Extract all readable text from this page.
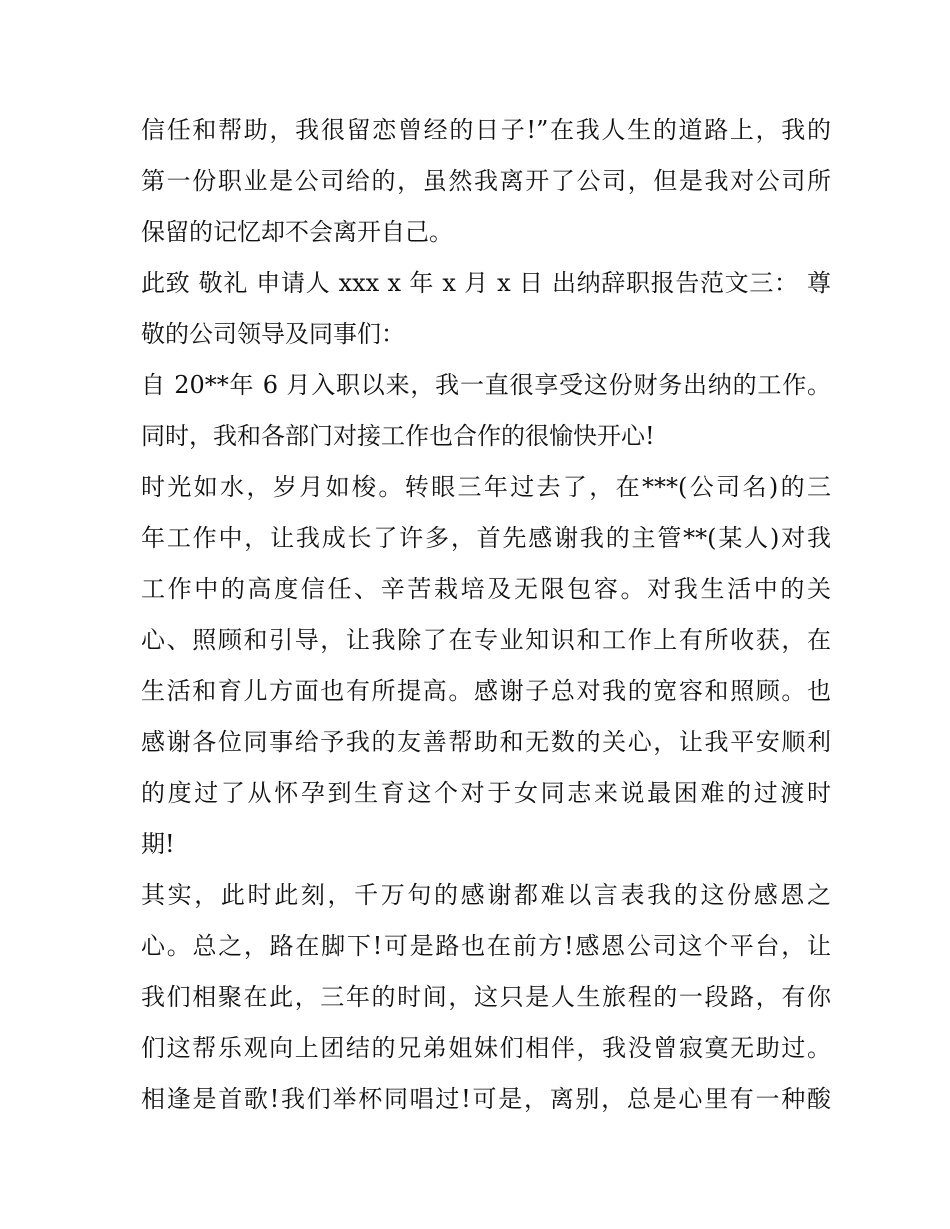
信任和帮助，我很留恋曾经的日子!”在我人生的道路上，我的
第一份职业是公司给的，虽然我离开了公司，但是我对公司所
保留的记忆却不会离开自己。
此致 敬礼 申请人 xxx x 年 x 月 x 日 出纳辞职报告范文三： 尊
敬的公司领导及同事们：
自 20**年 6 月入职以来，我一直很享受这份财务出纳的工作。
同时，我和各部门对接工作也合作的很愉快开心!
时光如水，岁月如梭。转眼三年过去了，在***(公司名)的三
年工作中，让我成长了许多，首先感谢我的主管**(某人)对我
工作中的高度信任、辛苦栽培及无限包容。对我生活中的关
心、照顾和引导，让我除了在专业知识和工作上有所收获，在
生活和育儿方面也有所提高。感谢子总对我的宽容和照顾。也
感谢各位同事给予我的友善帮助和无数的关心，让我平安顺利
的度过了从怀孕到生育这个对于女同志来说最困难的过渡时
期!
其实，此时此刻，千万句的感谢都难以言表我的这份感恩之
心。总之，路在脚下!可是路也在前方!感恩公司这个平台，让
我们相聚在此，三年的时间，这只是人生旅程的一段路，有你
们这帮乐观向上团结的兄弟姐妹们相伴，我没曾寂寞无助过。
相逢是首歌!我们举杯同唱过!可是，离别，总是心里有一种酸
